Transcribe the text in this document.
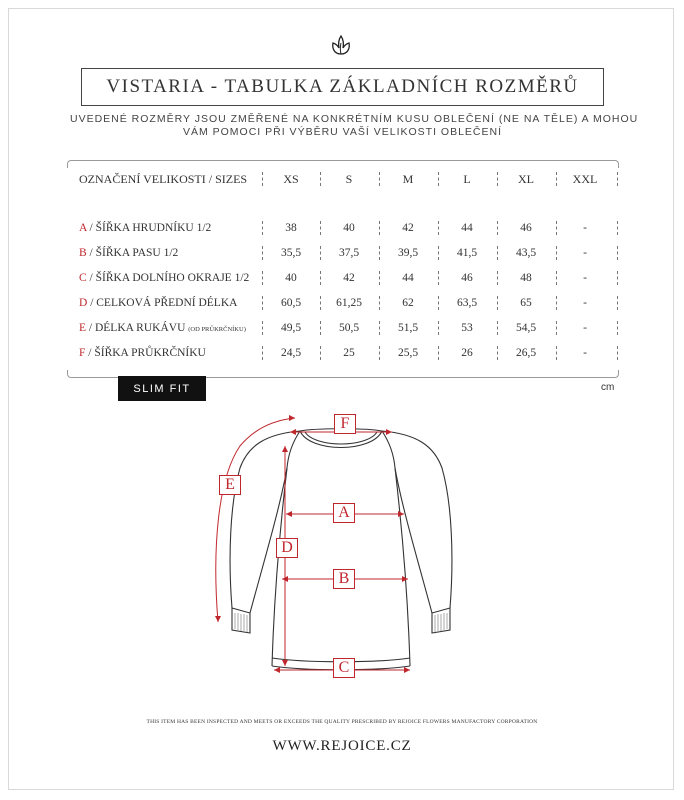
VISTARIA - TABULKA ZÁKLADNÍCH ROZMĚRŮ
UVEDENÉ ROZMĚRY JSOU ZMĚŘENÉ NA KONKRÉTNÍM KUSU OBLEČENÍ (NE NA TĚLE) A MOHOU
VÁM POMOCI PŘI VÝBĚRU VAŠÍ VELIKOSTI OBLEČENÍ
OZNAČENÍ VELIKOSTI / SIZES	XS	S	M	L	XL	XXL
A / ŠÍŘKA HRUDNÍKU 1/2	38	40	42	44	46	-
B / ŠÍŘKA PASU 1/2	35,5	37,5	39,5	41,5	43,5	-
C / ŠÍŘKA DOLNÍHO OKRAJE 1/2	40	42	44	46	48	-
D / CELKOVÁ PŘEDNÍ DÉLKA	60,5	61,25	62	63,5	65	-
E / DÉLKA RUKÁVU (OD PRŮKRČNÍKU)	49,5	50,5	51,5	53	54,5	-
F / ŠÍŘKA PRŮKRČNÍKU	24,5	25	25,5	26	26,5	-
SLIM FIT	cm
F
E
A
D
B
C
THIS ITEM HAS BEEN INSPECTED AND MEETS OR EXCEEDS THE QUALITY PRESCRIBED BY REJOICE FLOWERS MANUFACTORY CORPORATION
WWW.REJOICE.CZ
